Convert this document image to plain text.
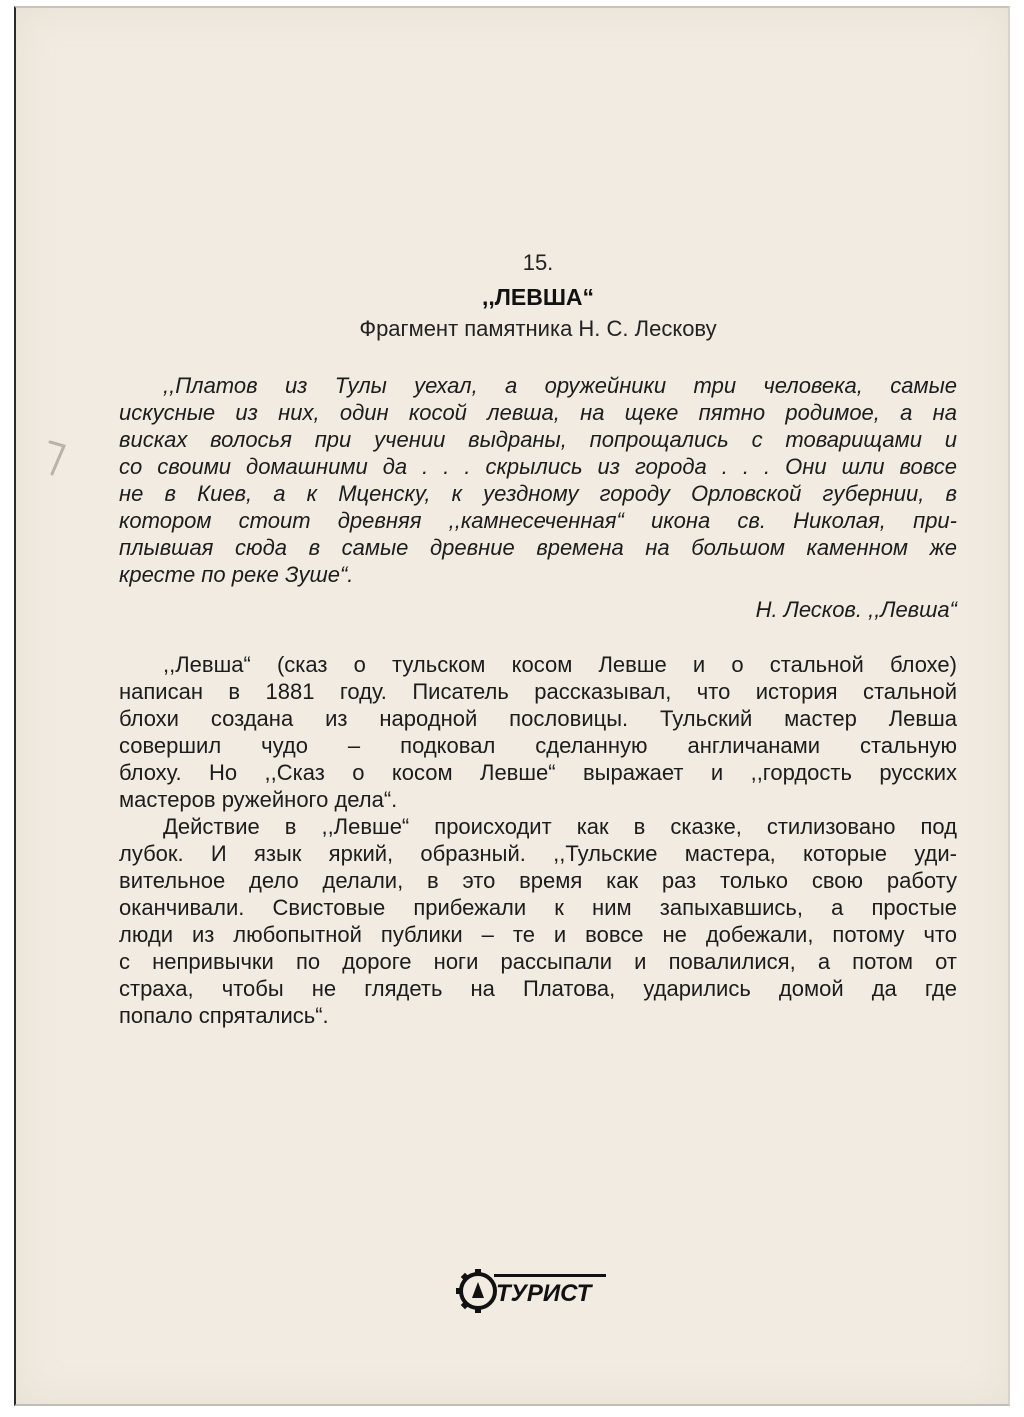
15.
,,ЛЕВША“
Фрагмент памятника Н. С. Лескову
,,Платов из Тулы уехал, а оружейники три человека, самые
искусные из них, один косой левша, на щеке пятно родимое, а на
висках волосья при учении выдраны, попрощались с товарищами и
со своими домашними да . . . скрылись из города . . . Они шли вовсе
не в Киев, а к Мценску, к уездному городу Орловской губернии, в
котором стоит древняя ,,камнесеченная“ икона св. Николая, при-
плывшая сюда в самые древние времена на большом каменном же
кресте по реке Зуше“.
Н. Лесков. ,,Левша“
,,Левша“ (сказ о тульском косом Левше и о стальной блохе)
написан в 1881 году. Писатель рассказывал, что история стальной
блохи создана из народной пословицы. Тульский мастер Левша
совершил чудо – подковал сделанную англичанами стальную
блоху. Но ,,Сказ о косом Левше“ выражает и ,,гордость русских
мастеров ружейного дела“.
Действие в ,,Левше“ происходит как в сказке, стилизовано под
лубок. И язык яркий, образный. ,,Тульские мастера, которые уди-
вительное дело делали, в это время как раз только свою работу
оканчивали. Свистовые прибежали к ним запыхавшись, а простые
люди из любопытной публики – те и вовсе не добежали, потому что
с непривычки по дороге ноги рассыпали и повалилися, а потом от
страха, чтобы не глядеть на Платова, ударились домой да где
попало спрятались“.
ТУРИСТ
